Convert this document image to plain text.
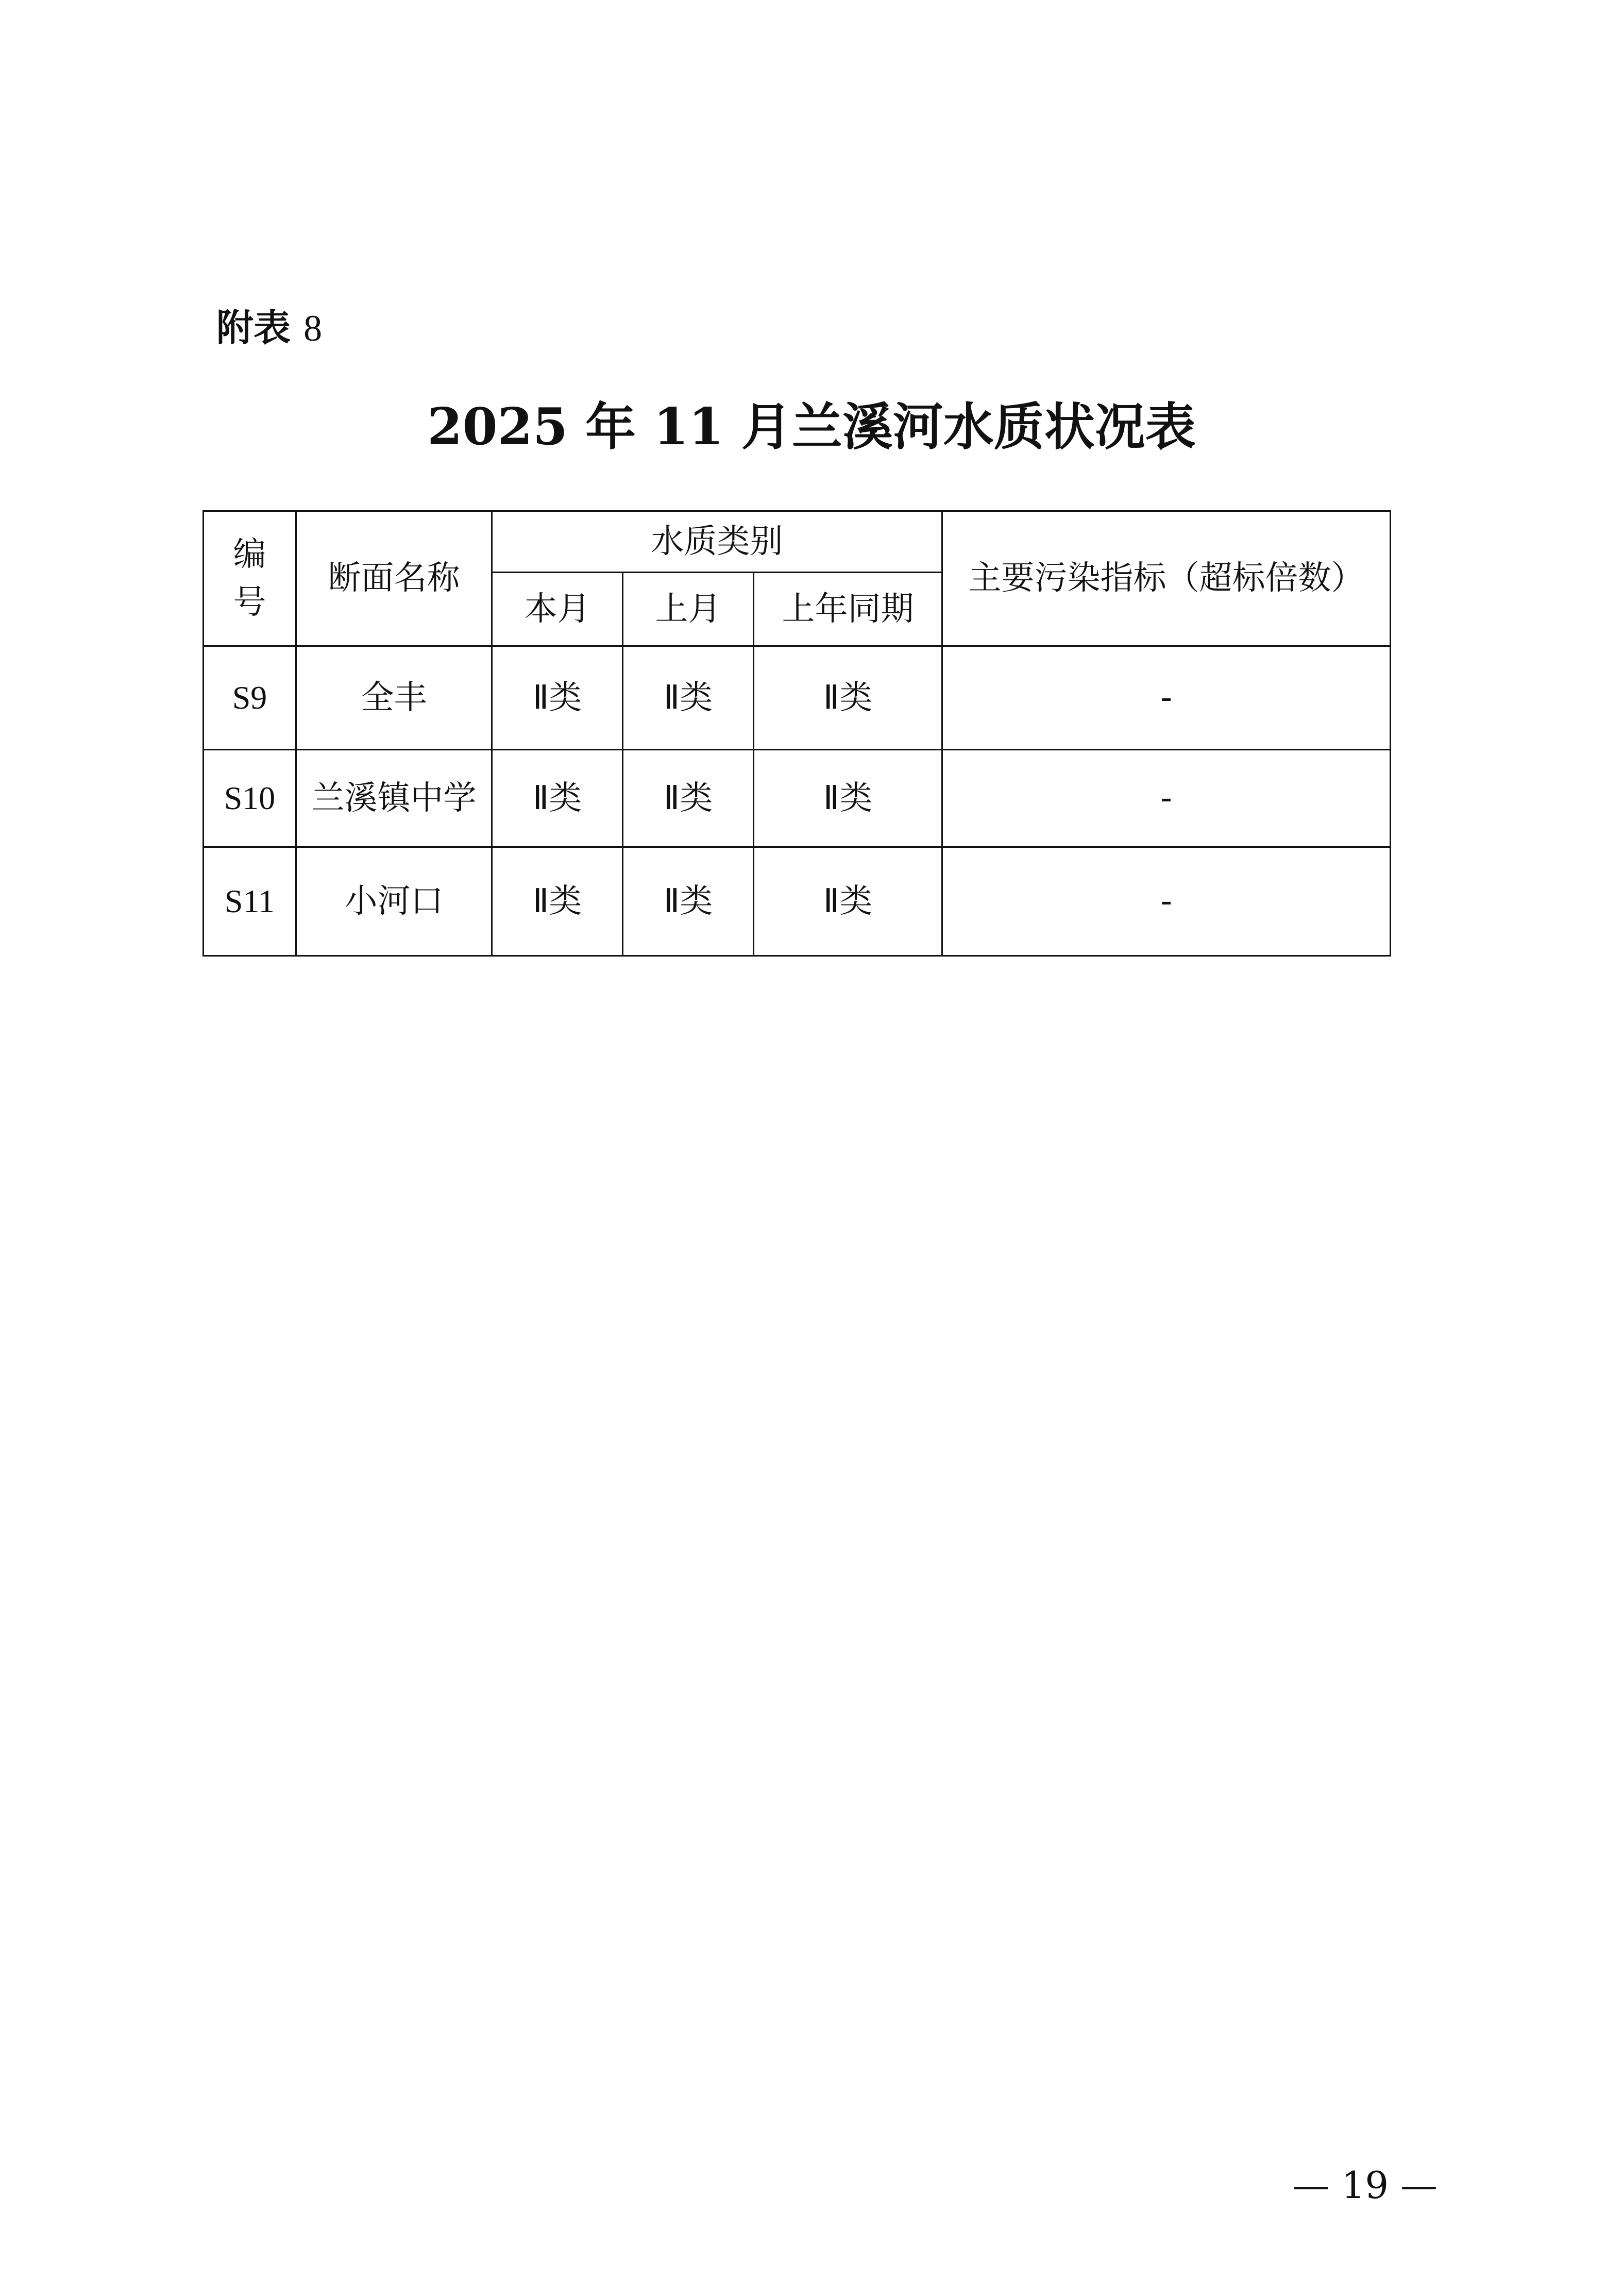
附表 8
2025 年 11 月兰溪河水质状况表
编
号	断面名称	水质类别			主要污染指标（超标倍数）
		本月	上月	上年同期	
S9	全丰	Ⅱ类	Ⅱ类	Ⅱ类	-
S10	兰溪镇中学	Ⅱ类	Ⅱ类	Ⅱ类	-
S11	小河口	Ⅱ类	Ⅱ类	Ⅱ类	-
— 19 —
